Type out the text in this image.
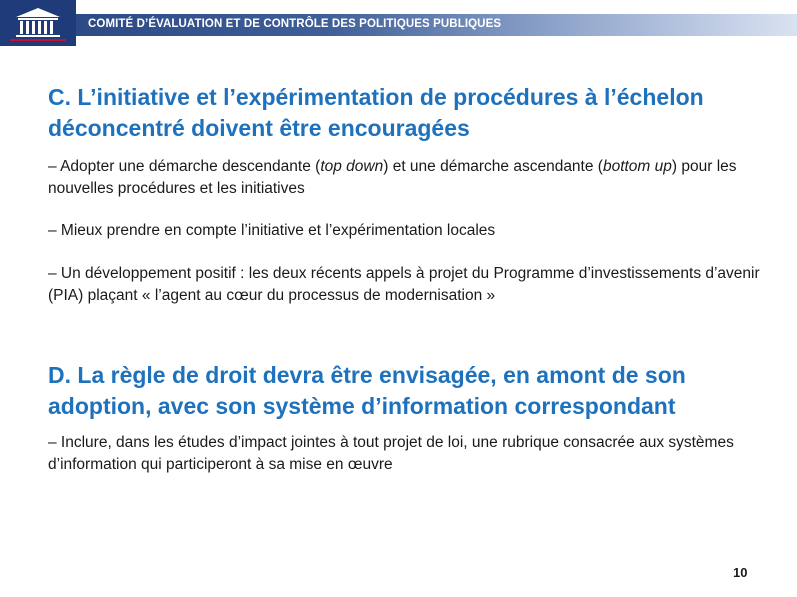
COMITÉ D’ÉVALUATION ET DE CONTRÔLE DES POLITIQUES PUBLIQUES
C. L’initiative et l’expérimentation de procédures à l’échelon déconcentré doivent être encouragées

– Adopter une démarche descendante (top down) et une démarche ascendante (bottom up) pour les nouvelles procédures et les initiatives

– Mieux prendre en compte l’initiative et l’expérimentation locales

– Un développement positif : les deux récents appels à projet du Programme d’investissements d’avenir (PIA) plaçant « l’agent au cœur du processus de modernisation »

D. La règle de droit devra être envisagée, en amont de son adoption, avec son système d’information correspondant

– Inclure, dans les études d’impact jointes à tout projet de loi, une rubrique consacrée aux systèmes d’information qui participeront à sa mise en œuvre

10
